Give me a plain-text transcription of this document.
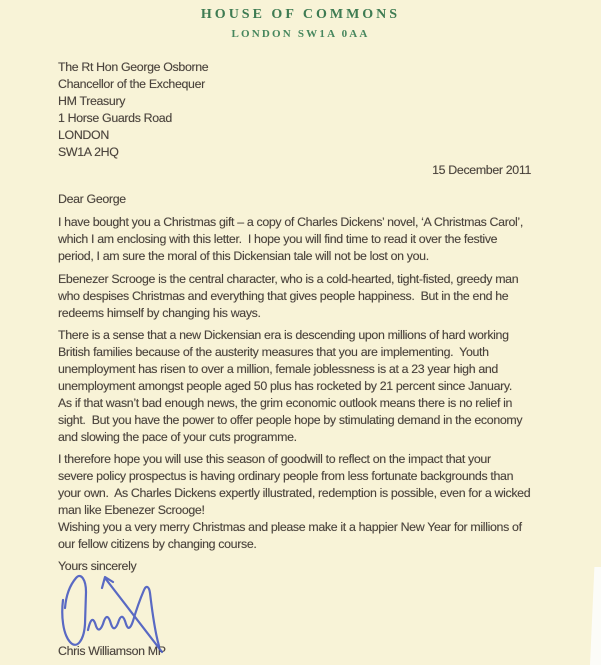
HOUSE OF COMMONS
LONDON SW1A 0AA
The Rt Hon George Osborne
Chancellor of the Exchequer
HM Treasury
1 Horse Guards Road
LONDON
SW1A 2HQ
15 December 2011
Dear George
I have bought you a Christmas gift – a copy of Charles Dickens’ novel, ‘A Christmas Carol’,
which I am enclosing with this letter.  I hope you will find time to read it over the festive
period, I am sure the moral of this Dickensian tale will not be lost on you.
Ebenezer Scrooge is the central character, who is a cold-hearted, tight-fisted, greedy man
who despises Christmas and everything that gives people happiness.  But in the end he
redeems himself by changing his ways.
There is a sense that a new Dickensian era is descending upon millions of hard working
British families because of the austerity measures that you are implementing.  Youth
unemployment has risen to over a million, female joblessness is at a 23 year high and
unemployment amongst people aged 50 plus has rocketed by 21 percent since January.
As if that wasn’t bad enough news, the grim economic outlook means there is no relief in
sight.  But you have the power to offer people hope by stimulating demand in the economy
and slowing the pace of your cuts programme.
I therefore hope you will use this season of goodwill to reflect on the impact that your
severe policy prospectus is having ordinary people from less fortunate backgrounds than
your own.  As Charles Dickens expertly illustrated, redemption is possible, even for a wicked
man like Ebenezer Scrooge!
Wishing you a very merry Christmas and please make it a happier New Year for millions of
our fellow citizens by changing course.
Yours sincerely
Chris Williamson MP
